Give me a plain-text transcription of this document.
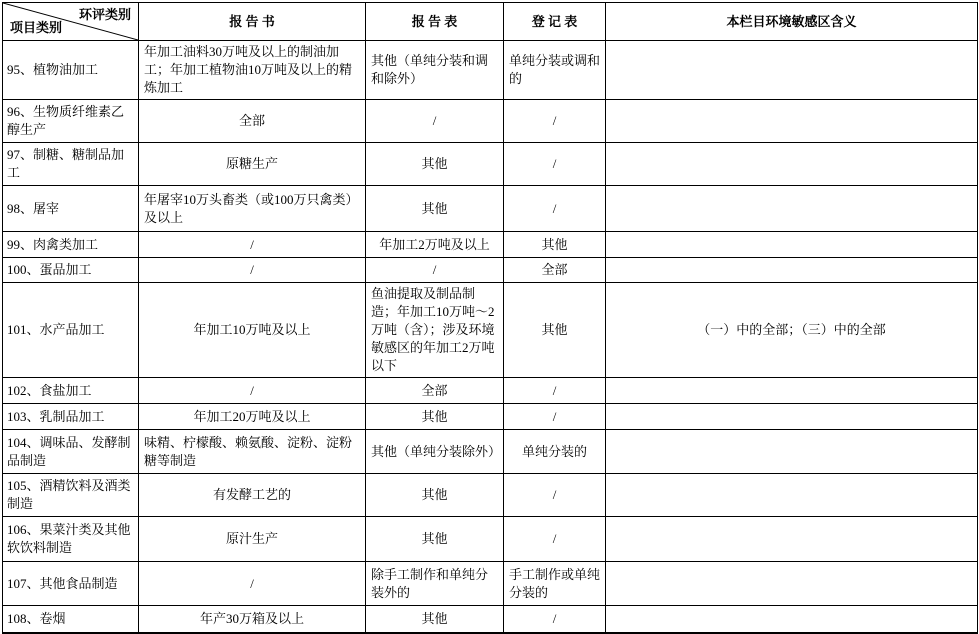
环评类别
项目类别	报 告 书	报 告 表	登 记 表	本栏目环境敏感区含义
95、植物油加工	年加工油料30万吨及以上的制油加工；年加工植物油10万吨及以上的精炼加工	其他（单纯分装和调和除外）	单纯分装或调和的	
96、生物质纤维素乙醇生产	全部	/	/	
97、制糖、糖制品加工	原糖生产	其他	/	
98、屠宰	年屠宰10万头畜类（或100万只禽类）及以上	其他	/	
99、肉禽类加工	/	年加工2万吨及以上	其他	
100、蛋品加工	/	/	全部	
101、水产品加工	年加工10万吨及以上	鱼油提取及制品制造；年加工10万吨～2万吨（含）；涉及环境敏感区的年加工2万吨以下	其他	（一）中的全部；（三）中的全部
102、食盐加工	/	全部	/	
103、乳制品加工	年加工20万吨及以上	其他	/	
104、调味品、发酵制品制造	味精、柠檬酸、赖氨酸、淀粉、淀粉糖等制造	其他（单纯分装除外）	单纯分装的	
105、酒精饮料及酒类制造	有发酵工艺的	其他	/	
106、果菜汁类及其他软饮料制造	原汁生产	其他	/	
107、其他食品制造	/	除手工制作和单纯分装外的	手工制作或单纯分装的	
108、卷烟	年产30万箱及以上	其他	/	
